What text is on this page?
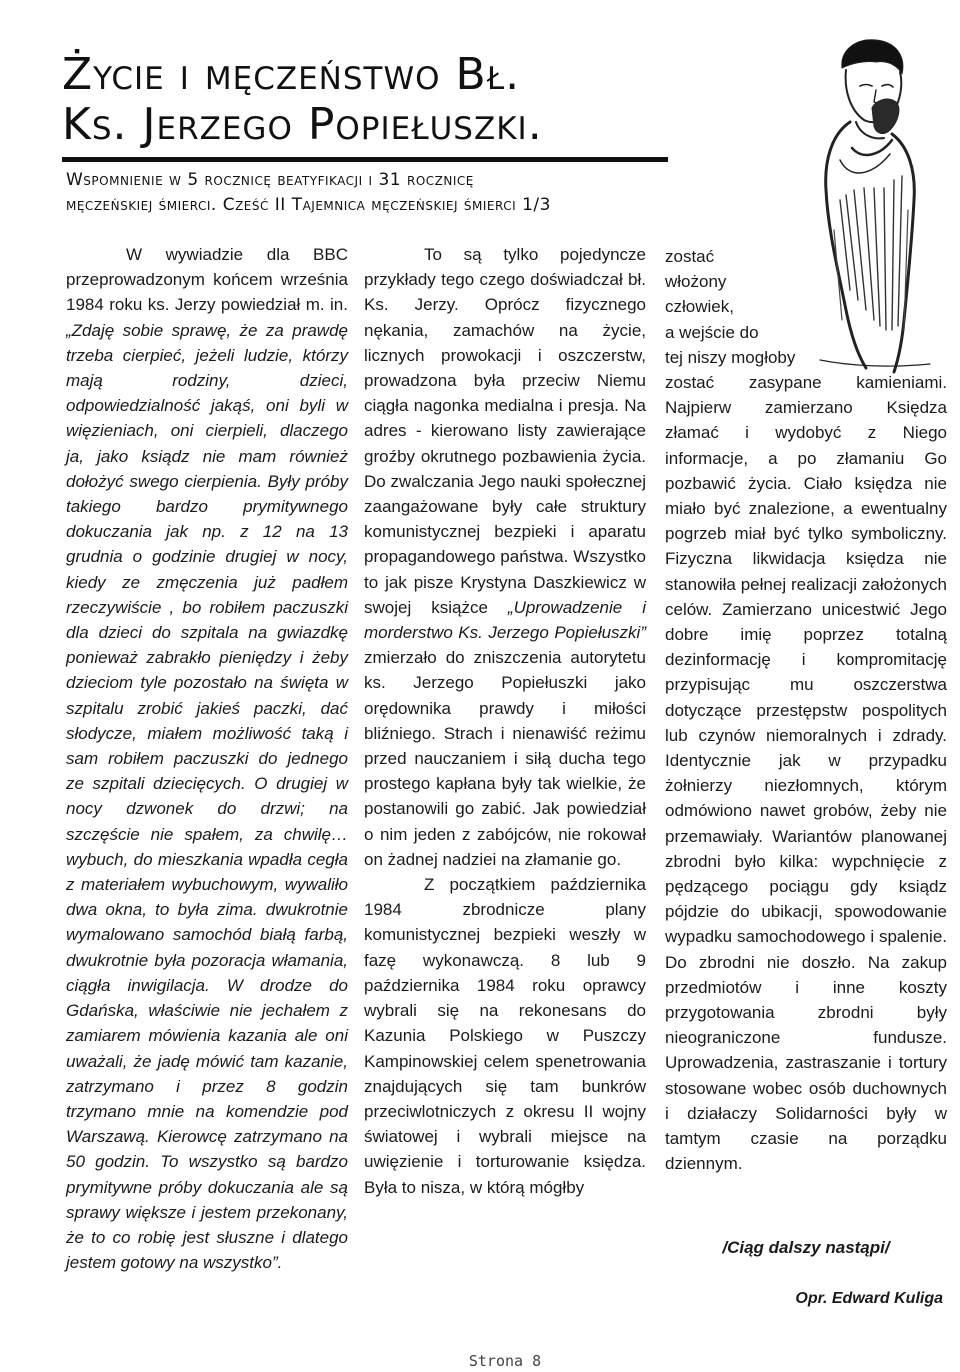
Życie i męczeństwo Bł.
Ks. Jerzego Popiełuszki.

Wspomnienie w 5 rocznicę beatyfikacji i 31 rocznicę
męczeńskiej śmierci. Cześć II Tajemnica męczeńskiej śmierci 1/3

W wywiadzie dla BBC przeprowadzonym końcem września 1984 roku ks. Jerzy powiedział m. in. „Zdaję sobie sprawę, że za prawdę trzeba cierpieć, jeżeli ludzie, którzy mają rodziny, dzieci, odpowiedzialność jakąś, oni byli w więzieniach, oni cierpieli, dlaczego ja, jako ksiądz nie mam również dołożyć swego cierpienia. Były próby takiego bardzo prymitywnego dokuczania jak np. z 12 na 13 grudnia o godzinie drugiej w nocy, kiedy ze zmęczenia już padłem rzeczywiście , bo robiłem paczuszki dla dzieci do szpitala na gwiazdkę ponieważ zabrakło pieniędzy i żeby dzieciom tyle pozostało na święta w szpitalu zrobić jakieś paczki, dać słodycze, miałem możliwość taką i sam robiłem paczuszki do jednego ze szpitali dziecięcych. O drugiej w nocy dzwonek do drzwi; na szczęście nie spałem, za chwilę… wybuch, do mieszkania wpadła cegła z materiałem wybuchowym, wywaliło dwa okna, to była zima. dwukrotnie wymalowano samochód białą farbą, dwukrotnie była pozoracja włamania, ciągła inwigilacja. W drodze do Gdańska, właściwie nie jechałem z zamiarem mówienia kazania ale oni uważali, że jadę mówić tam kazanie, zatrzymano i przez 8 godzin trzymano mnie na komendzie pod Warszawą. Kierowcę zatrzymano na 50 godzin. To wszystko są bardzo prymitywne próby dokuczania ale są sprawy większe i jestem przekonany, że to co robię jest słuszne i dlatego jestem gotowy na wszystko”.

To są tylko pojedyncze przykłady tego czego doświadczał bł. Ks. Jerzy. Oprócz fizycznego nękania, zamachów na życie, licznych prowokacji i oszczerstw, prowadzona była przeciw Niemu ciągła nagonka medialna i presja. Na adres - kierowano listy zawierające groźby okrutnego pozbawienia życia. Do zwalczania Jego nauki społecznej zaangażowane były całe struktury komunistycznej bezpieki i aparatu propagandowego państwa. Wszystko to jak pisze Krystyna Daszkiewicz w swojej książce „Uprowadzenie i morderstwo Ks. Jerzego Popiełuszki” zmierzało do zniszczenia autorytetu ks. Jerzego Popiełuszki jako orędownika prawdy i miłości bliźniego. Strach i nienawiść reżimu przed nauczaniem i siłą ducha tego prostego kapłana były tak wielkie, że postanowili go zabić. Jak powiedział o nim jeden z zabójców, nie rokował on żadnej nadziei na złamanie go.

Z początkiem października 1984 zbrodnicze plany komunistycznej bezpieki weszły w fazę wykonawczą. 8 lub 9 października 1984 roku oprawcy wybrali się na rekonesans do Kazunia Polskiego w Puszczy Kampinowskiej celem spenetrowania znajdujących się tam bunkrów przeciwlotniczych z okresu II wojny światowej i wybrali miejsce na uwięzienie i torturowanie księdza. Była to nisza, w którą mógłby

zostać
włożony
człowiek,
a wejście do
tej niszy mogłoby

zostać zasypane kamieniami. Najpierw zamierzano Księdza złamać i wydobyć z Niego informacje, a po złamaniu Go pozbawić życia. Ciało księdza nie miało być znalezione, a ewentualny pogrzeb miał być tylko symboliczny. Fizyczna likwidacja księdza nie stanowiła pełnej realizacji założonych celów. Zamierzano unicestwić Jego dobre imię poprzez totalną dezinformację i kompromitację przypisując mu oszczerstwa dotyczące przestępstw pospolitych lub czynów niemoralnych i zdrady. Identycznie jak w przypadku żołnierzy niezłomnych, którym odmówiono nawet grobów, żeby nie przemawiały. Wariantów planowanej zbrodni było kilka: wypchnięcie z pędzącego pociągu gdy ksiądz pójdzie do ubikacji, spowodowanie wypadku samochodowego i spalenie. Do zbrodni nie doszło. Na zakup przedmiotów i inne koszty przygotowania zbrodni były nieograniczone fundusze. Uprowadzenia, zastraszanie i tortury stosowane wobec osób duchownych i działaczy Solidarności były w tamtym czasie na porządku dziennym.

/Ciąg dalszy nastąpi/
Opr. Edward Kuliga
Strona 8
